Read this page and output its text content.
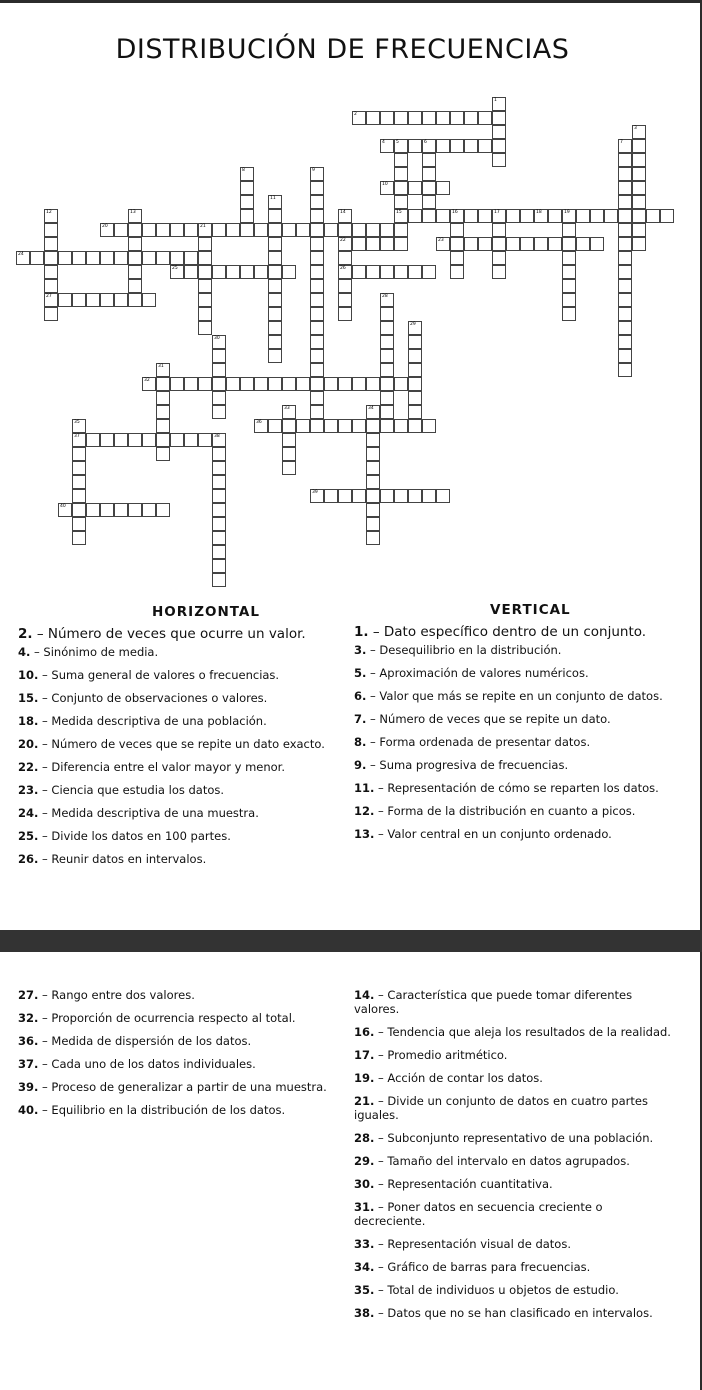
DISTRIBUCIÓN DE FRECUENCIAS
1
2
3
4 5	6
15
7
8	9
10
11
12
27
13	14
22
26
16	17	18	19
20	21
23
24
25
28
29
30
31
32
33	34
35
37
36
38
39
40
HORIZONTAL	VERTICAL
2. – Número de veces que ocurre un valor.
4. – Sinónimo de media.
10. – Suma general de valores o frecuencias.
15. – Conjunto de observaciones o valores.
18. – Medida descriptiva de una población.
20. – Número de veces que se repite un dato exacto.
22. – Diferencia entre el valor mayor y menor.
23. – Ciencia que estudia los datos.
24. – Medida descriptiva de una muestra.
25. – Divide los datos en 100 partes.
26. – Reunir datos en intervalos.
1. – Dato específico dentro de un conjunto.
3. – Desequilibrio en la distribución.
5. – Aproximación de valores numéricos.
6. – Valor que más se repite en un conjunto de datos.
7. – Número de veces que se repite un dato.
8. – Forma ordenada de presentar datos.
9. – Suma progresiva de frecuencias.
11. – Representación de cómo se reparten los datos.
12. – Forma de la distribución en cuanto a picos.
13. – Valor central en un conjunto ordenado.
27. – Rango entre dos valores.
32. – Proporción de ocurrencia respecto al total.
36. – Medida de dispersión de los datos.
37. – Cada uno de los datos individuales.
39. – Proceso de generalizar a partir de una muestra.
40. – Equilibrio en la distribución de los datos.
14. – Característica que puede tomar diferentes valores.
16. – Tendencia que aleja los resultados de la realidad.
17. – Promedio aritmético.
19. – Acción de contar los datos.
21. – Divide un conjunto de datos en cuatro partes iguales.
28. – Subconjunto representativo de una población.
29. – Tamaño del intervalo en datos agrupados.
30. – Representación cuantitativa.
31. – Poner datos en secuencia creciente o decreciente.
33. – Representación visual de datos.
34. – Gráfico de barras para frecuencias.
35. – Total de individuos u objetos de estudio.
38. – Datos que no se han clasificado en intervalos.
